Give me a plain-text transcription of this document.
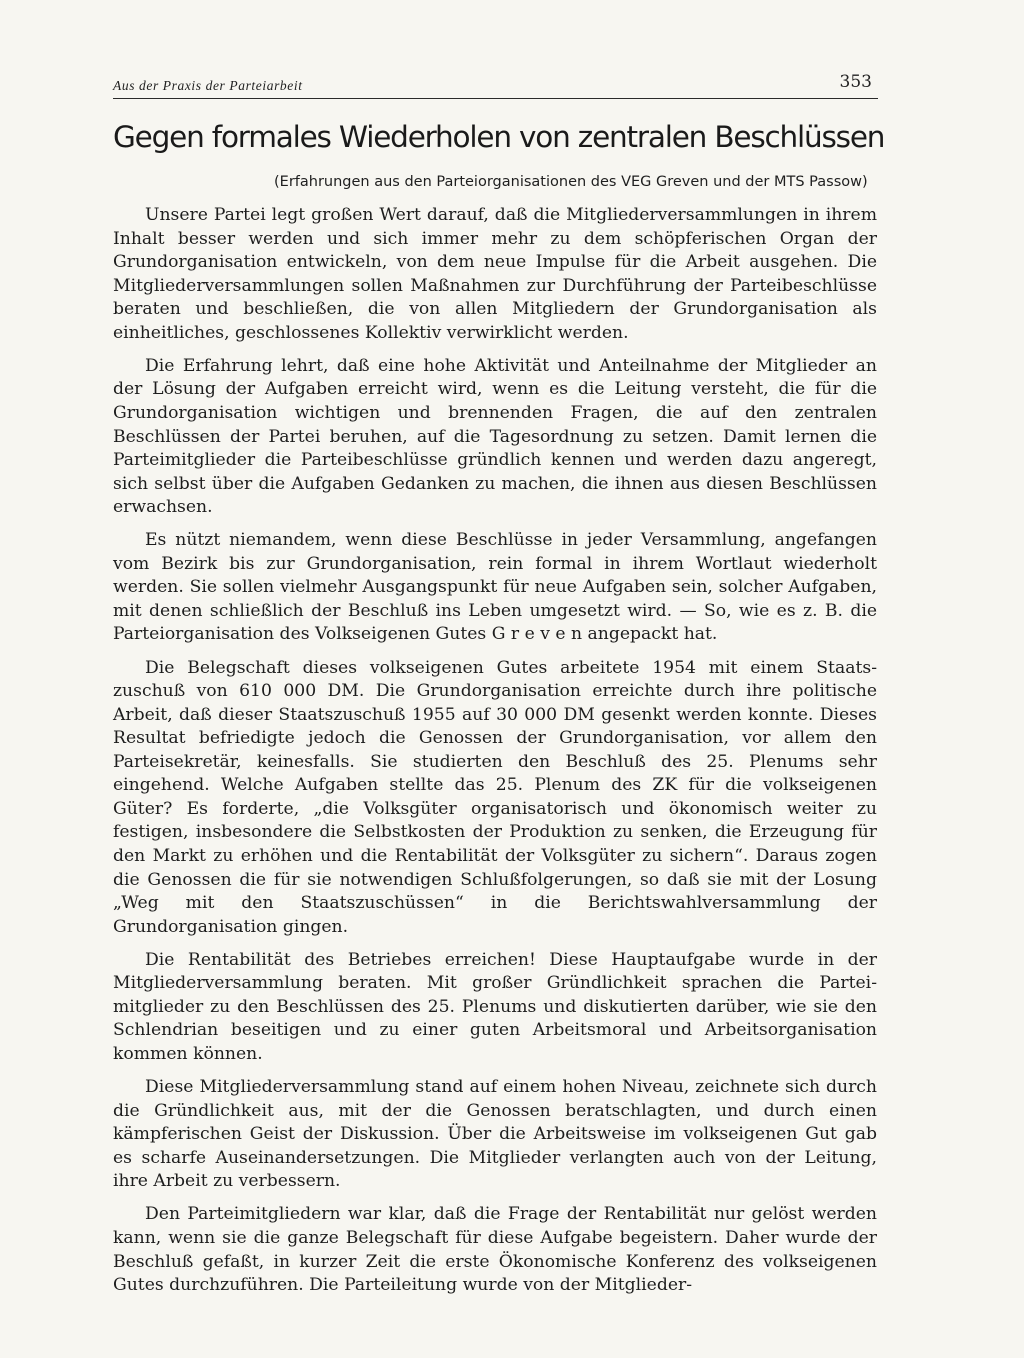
Aus der Praxis der Parteiarbeit	353
Gegen formales Wiederholen von zentralen Beschlüssen
(Erfahrungen aus den Parteiorganisationen des VEG Greven und der MTS Passow)

Unsere Partei legt großen Wert darauf, daß die Mitgliederversammlungen in ihrem Inhalt besser werden und sich immer mehr zu dem schöpferischen Organ der Grundorganisation entwickeln, von dem neue Impulse für die Arbeit ausgehen. Die Mitgliederversammlungen sollen Maßnahmen zur Durchführung der Parteibeschlüsse beraten und beschließen, die von allen Mitgliedern der Grundorganisation als einheitliches, geschlossenes Kollektiv verwirklicht werden.

Die Erfahrung lehrt, daß eine hohe Aktivität und Anteilnahme der Mitglieder an der Lösung der Aufgaben erreicht wird, wenn es die Leitung versteht, die für die Grundorganisation wichtigen und brennenden Fragen, die auf den zentralen Beschlüssen der Partei beruhen, auf die Tagesordnung zu setzen. Damit lernen die Parteimitglieder die Parteibeschlüsse gründlich kennen und werden dazu angeregt, sich selbst über die Aufgaben Gedanken zu machen, die ihnen aus diesen Beschlüssen erwachsen.

Es nützt niemandem, wenn diese Beschlüsse in jeder Versammlung, angefangen vom Bezirk bis zur Grundorganisation, rein formal in ihrem Wortlaut wiederholt werden. Sie sollen vielmehr Ausgangspunkt für neue Aufgaben sein, solcher Aufgaben, mit denen schließlich der Beschluß ins Leben umgesetzt wird. — So, wie es z. B. die Parteiorganisation des Volkseigenen Gutes G r e v e n angepackt hat.

Die Belegschaft dieses volkseigenen Gutes arbeitete 1954 mit einem Staatszuschuß von 610 000 DM. Die Grundorganisation erreichte durch ihre politische Arbeit, daß dieser Staatszuschuß 1955 auf 30 000 DM gesenkt werden konnte. Dieses Resultat befriedigte jedoch die Genossen der Grundorganisation, vor allem den Parteisekretär, keinesfalls. Sie studierten den Beschluß des 25. Plenums sehr eingehend. Welche Aufgaben stellte das 25. Plenum des ZK für die volkseigenen Güter? Es forderte, „die Volksgüter organisatorisch und ökonomisch weiter zu festigen, insbesondere die Selbstkosten der Produktion zu senken, die Erzeugung für den Markt zu erhöhen und die Rentabilität der Volksgüter zu sichern“. Daraus zogen die Genossen die für sie notwendigen Schlußfolgerungen, so daß sie mit der Losung „Weg mit den Staatszuschüssen“ in die Berichtswahlversammlung der Grundorganisation gingen.

Die Rentabilität des Betriebes erreichen! Diese Hauptaufgabe wurde in der Mitgliederversammlung beraten. Mit großer Gründlichkeit sprachen die Parteimitglieder zu den Beschlüssen des 25. Plenums und diskutierten darüber, wie sie den Schlendrian beseitigen und zu einer guten Arbeitsmoral und Arbeitsorganisation kommen können.

Diese Mitgliederversammlung stand auf einem hohen Niveau, zeichnete sich durch die Gründlichkeit aus, mit der die Genossen beratschlagten, und durch einen kämpferischen Geist der Diskussion. Über die Arbeitsweise im volkseigenen Gut gab es scharfe Auseinandersetzungen. Die Mitglieder verlangten auch von der Leitung, ihre Arbeit zu verbessern.

Den Parteimitgliedern war klar, daß die Frage der Rentabilität nur gelöst werden kann, wenn sie die ganze Belegschaft für diese Aufgabe begeistern. Daher wurde der Beschluß gefaßt, in kurzer Zeit die erste Ökonomische Konferenz des volkseigenen Gutes durchzuführen. Die Parteileitung wurde von der Mitglieder-
